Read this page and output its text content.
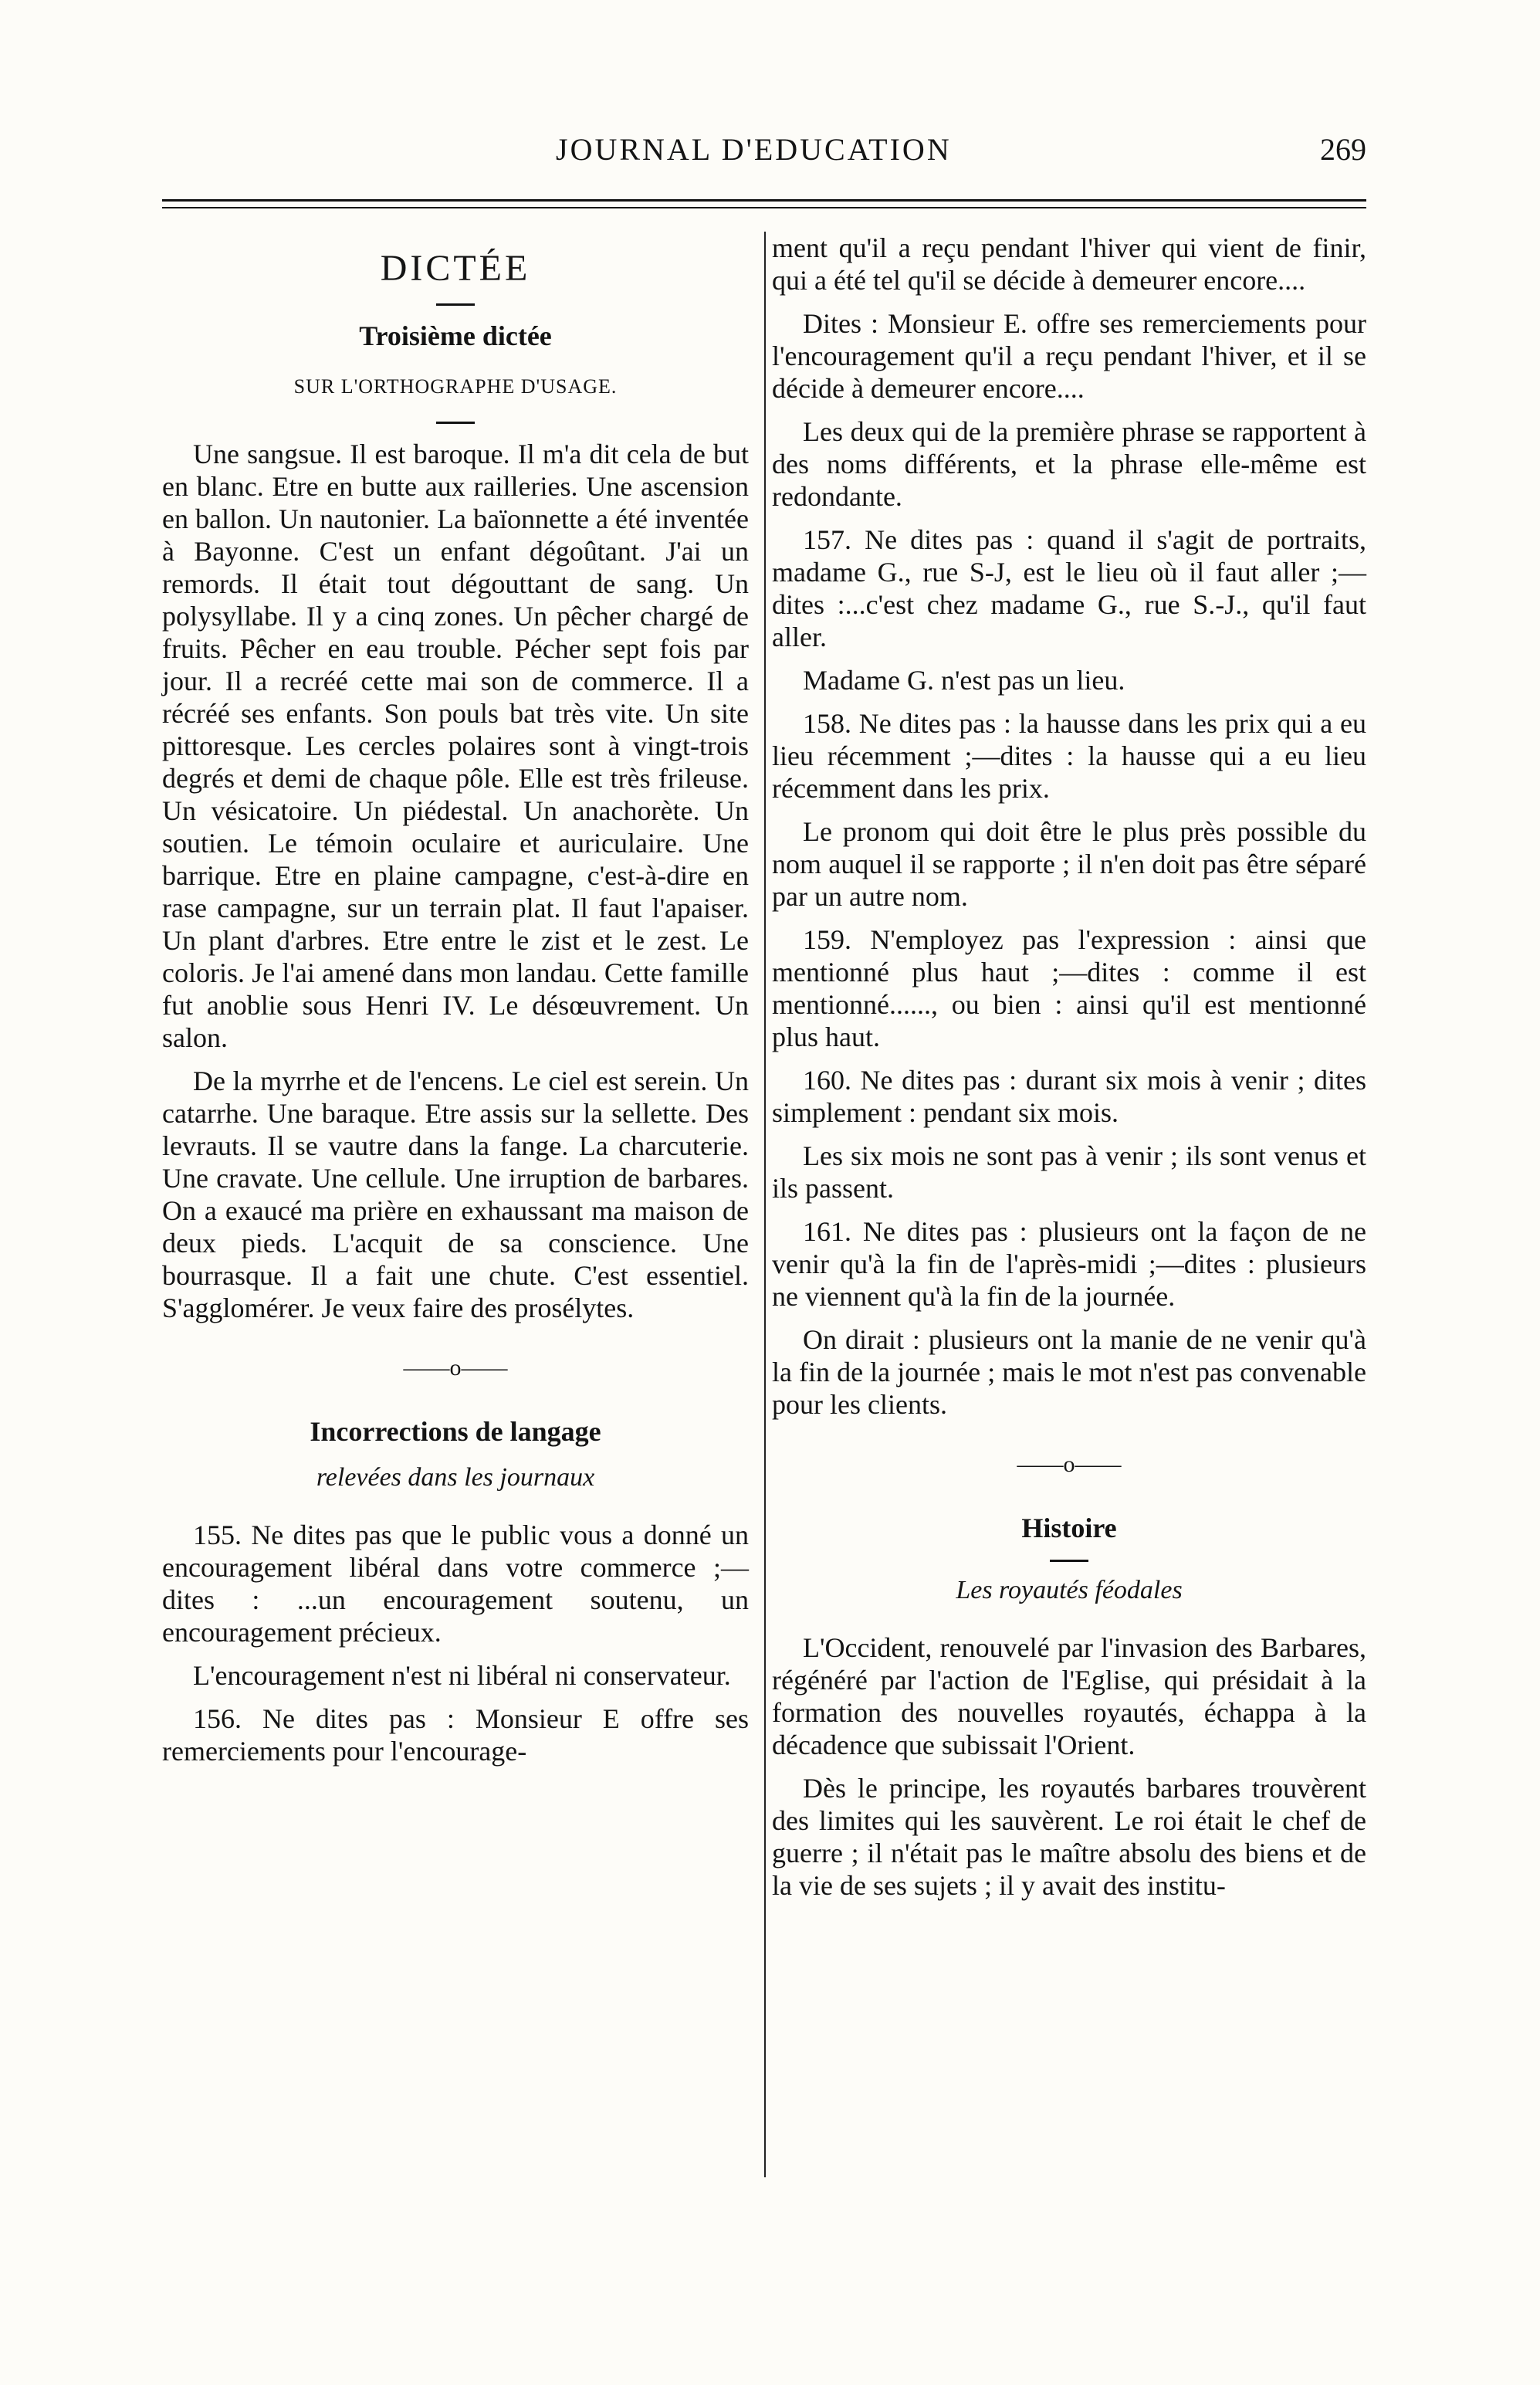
JOURNAL D'EDUCATION	269
DICTÉE
Troisième dictée
SUR L'ORTHOGRAPHE D'USAGE.

Une sangsue. Il est baroque. Il m'a dit cela de but en blanc. Etre en butte aux railleries. Une ascension en ballon. Un nautonier. La baïonnette a été inventée à Bayonne. C'est un enfant dégoûtant. J'ai un remords. Il était tout dégouttant de sang. Un polysyllabe. Il y a cinq zones. Un pêcher chargé de fruits. Pêcher en eau trouble. Pécher sept fois par jour. Il a recréé cette mai son de commerce. Il a récréé ses enfants. Son pouls bat très vite. Un site pittoresque. Les cercles polaires sont à vingt-trois degrés et demi de chaque pôle. Elle est très frileuse. Un vésicatoire. Un piédestal. Un anachorète. Un soutien. Le témoin oculaire et auriculaire. Une barrique. Etre en plaine campagne, c'est-à-dire en rase campagne, sur un terrain plat. Il faut l'apaiser. Un plant d'arbres. Etre entre le zist et le zest. Le coloris. Je l'ai amené dans mon landau. Cette famille fut anoblie sous Henri IV. Le désœuvrement. Un salon.

De la myrrhe et de l'encens. Le ciel est serein. Un catarrhe. Une baraque. Etre assis sur la sellette. Des levrauts. Il se vautre dans la fange. La charcuterie. Une cravate. Une cellule. Une irruption de barbares. On a exaucé ma prière en exhaussant ma maison de deux pieds. L'acquit de sa conscience. Une bourrasque. Il a fait une chute. C'est essentiel. S'agglomérer. Je veux faire des prosélytes.

——o——
Incorrections de langage
relevées dans les journaux

155. Ne dites pas que le public vous a donné un encouragement libéral dans votre commerce ;—dites : ...un encouragement soutenu, un encouragement précieux.

L'encouragement n'est ni libéral ni conservateur.

156. Ne dites pas : Monsieur E offre ses remerciements pour l'encourage-

ment qu'il a reçu pendant l'hiver qui vient de finir, qui a été tel qu'il se décide à demeurer encore....

Dites : Monsieur E. offre ses remerciements pour l'encouragement qu'il a reçu pendant l'hiver, et il se décide à demeurer encore....

Les deux qui de la première phrase se rapportent à des noms différents, et la phrase elle-même est redondante.

157. Ne dites pas : quand il s'agit de portraits, madame G., rue S-J, est le lieu où il faut aller ;—dites :...c'est chez madame G., rue S.-J., qu'il faut aller.

Madame G. n'est pas un lieu.

158. Ne dites pas : la hausse dans les prix qui a eu lieu récemment ;—dites : la hausse qui a eu lieu récemment dans les prix.

Le pronom qui doit être le plus près possible du nom auquel il se rapporte ; il n'en doit pas être séparé par un autre nom.

159. N'employez pas l'expression : ainsi que mentionné plus haut ;—dites : comme il est mentionné......, ou bien : ainsi qu'il est mentionné plus haut.

160. Ne dites pas : durant six mois à venir ; dites simplement : pendant six mois.

Les six mois ne sont pas à venir ; ils sont venus et ils passent.

161. Ne dites pas : plusieurs ont la façon de ne venir qu'à la fin de l'après-midi ;—dites : plusieurs ne viennent qu'à la fin de la journée.

On dirait : plusieurs ont la manie de ne venir qu'à la fin de la journée ; mais le mot n'est pas convenable pour les clients.

——o——
Histoire
Les royautés féodales

L'Occident, renouvelé par l'invasion des Barbares, régénéré par l'action de l'Eglise, qui présidait à la formation des nouvelles royautés, échappa à la décadence que subissait l'Orient.

Dès le principe, les royautés barbares trouvèrent des limites qui les sauvèrent. Le roi était le chef de guerre ; il n'était pas le maître absolu des biens et de la vie de ses sujets ; il y avait des institu-
